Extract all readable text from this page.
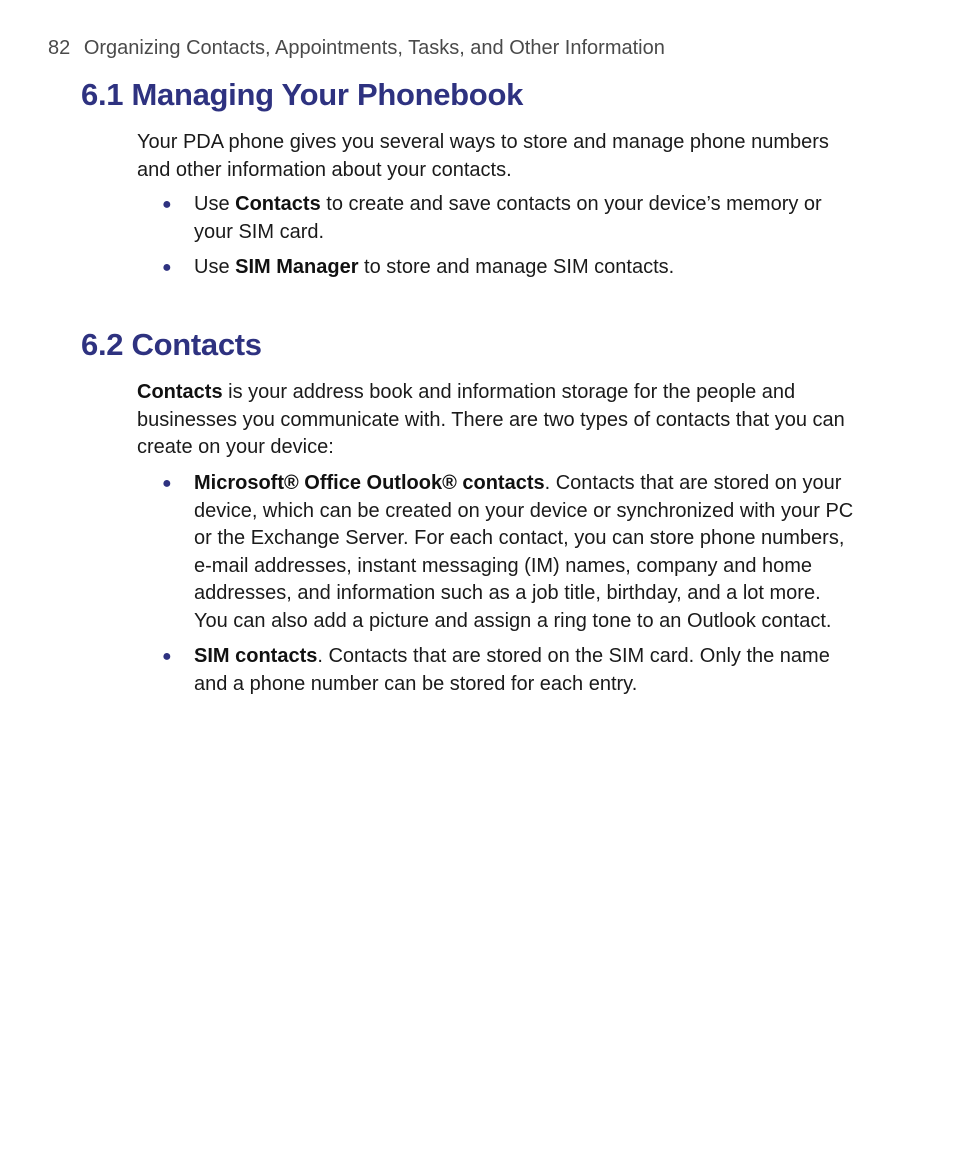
82 Organizing Contacts, Appointments, Tasks, and Other Information
6.1 Managing Your Phonebook

Your PDA phone gives you several ways to store and manage phone numbers and other information about your contacts.

● Use Contacts to create and save contacts on your device’s memory or your SIM card.
● Use SIM Manager to store and manage SIM contacts.
6.2 Contacts

Contacts is your address book and information storage for the people and businesses you communicate with. There are two types of contacts that you can create on your device:

● Microsoft® Office Outlook® contacts. Contacts that are stored on your device, which can be created on your device or synchronized with your PC or the Exchange Server. For each contact, you can store phone numbers, e-mail addresses, instant messaging (IM) names, company and home addresses, and information such as a job title, birthday, and a lot more. You can also add a picture and assign a ring tone to an Outlook contact.
● SIM contacts. Contacts that are stored on the SIM card. Only the name and a phone number can be stored for each entry.
